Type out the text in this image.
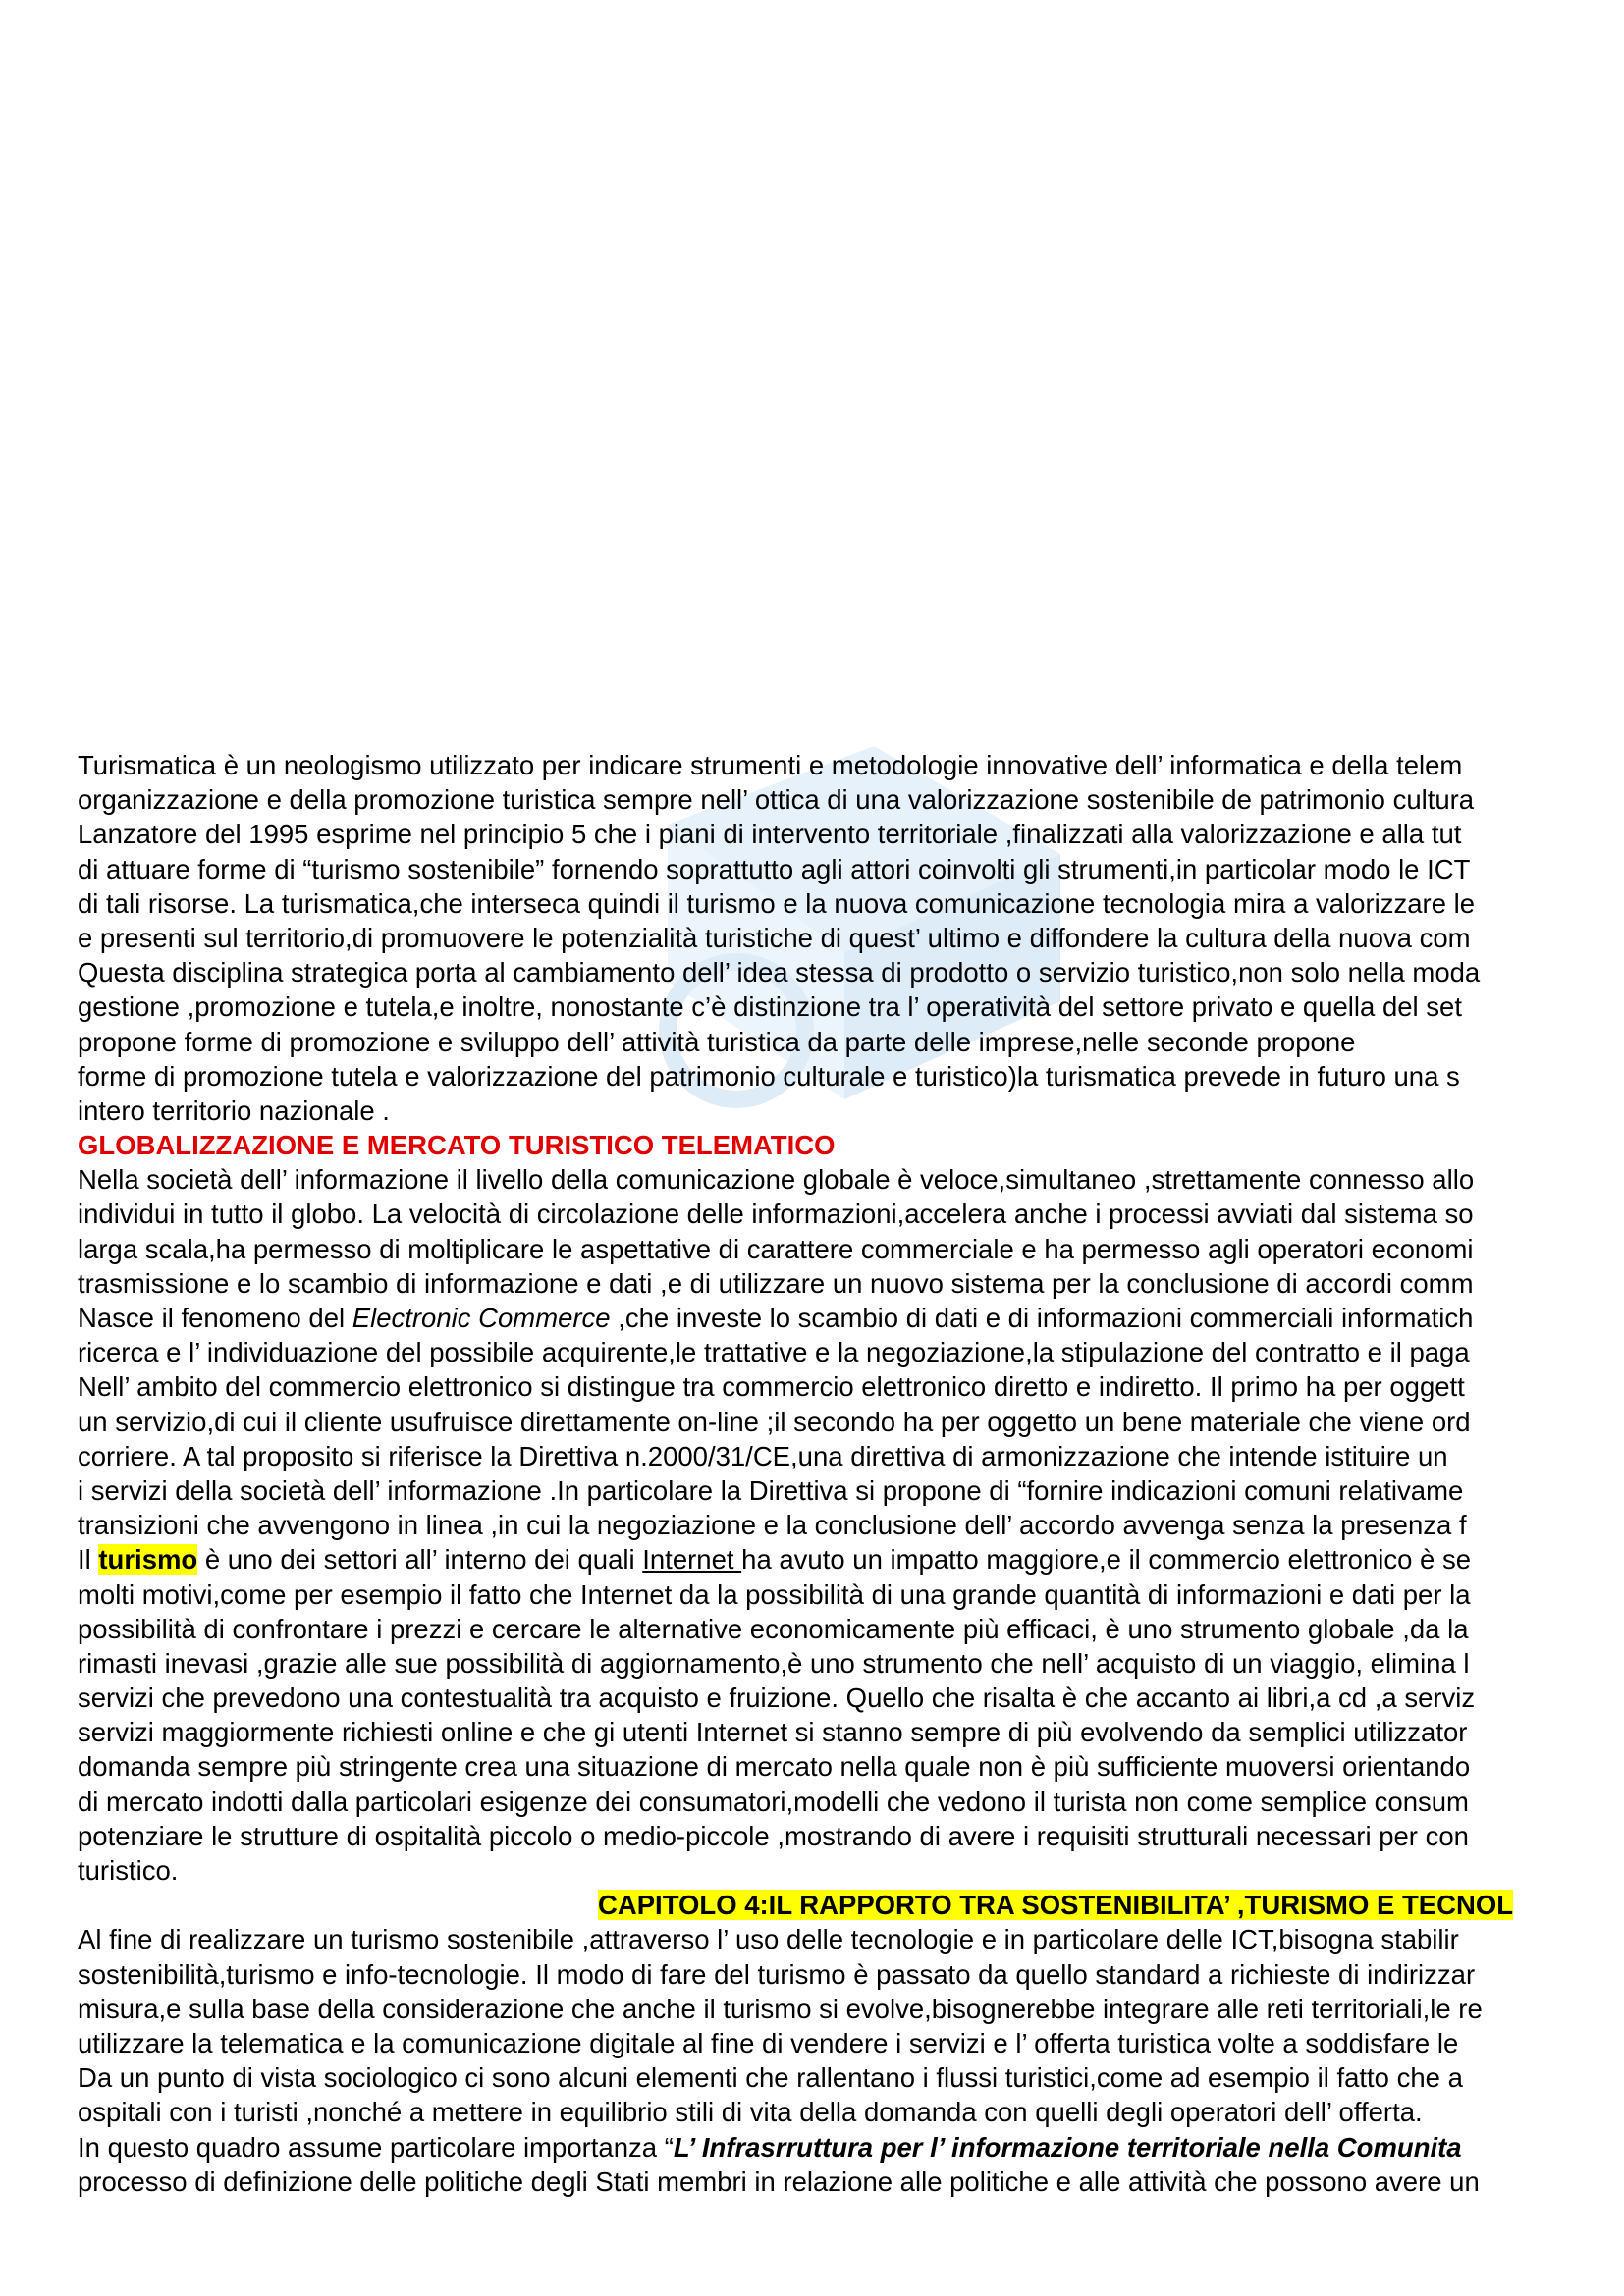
Turismatica è un neologismo utilizzato per indicare strumenti e metodologie innovative dell’ informatica e della telem
organizzazione e della promozione turistica sempre nell’ ottica di una valorizzazione sostenibile de patrimonio cultura
Lanzatore del 1995 esprime nel principio 5 che i piani di intervento territoriale ,finalizzati alla valorizzazione e alla tut
di attuare forme di “turismo sostenibile” fornendo soprattutto agli attori coinvolti gli strumenti,in particolar modo le ICT
di tali risorse. La turismatica,che interseca quindi il turismo e la nuova comunicazione tecnologia mira a valorizzare le
e presenti sul territorio,di promuovere le potenzialità turistiche di quest’ ultimo e diffondere la cultura della nuova com
Questa disciplina strategica porta al cambiamento dell’ idea stessa di prodotto o servizio turistico,non solo nella moda
gestione ,promozione e tutela,e inoltre, nonostante c’è distinzione tra l’ operatività del settore privato e quella del set
propone forme di promozione e sviluppo dell’ attività turistica da parte delle imprese,nelle seconde propone
forme di promozione tutela e valorizzazione del patrimonio culturale e turistico)la turismatica prevede in futuro una s
intero territorio nazionale .
GLOBALIZZAZIONE E MERCATO TURISTICO TELEMATICO
Nella società dell’ informazione il livello della comunicazione globale è veloce,simultaneo ,strettamente connesso allo
individui in tutto il globo. La velocità di circolazione delle informazioni,accelera anche i processi avviati dal sistema so
larga scala,ha permesso di moltiplicare le aspettative di carattere commerciale e ha permesso agli operatori economi
trasmissione e lo scambio di informazione e dati ,e di utilizzare un nuovo sistema per la conclusione di accordi comm
Nasce il fenomeno del Electronic Commerce ,che investe lo scambio di dati e di informazioni commerciali informatich
ricerca e l’ individuazione del possibile acquirente,le trattative e la negoziazione,la stipulazione del contratto e il paga
Nell’ ambito del commercio elettronico si distingue tra commercio elettronico diretto e indiretto. Il primo ha per oggett
un servizio,di cui il cliente usufruisce direttamente on-line ;il secondo ha per oggetto un bene materiale che viene ord
corriere. A tal proposito si riferisce la Direttiva n.2000/31/CE,una direttiva di armonizzazione che intende istituire un
i servizi della società dell’ informazione .In particolare la Direttiva si propone di “fornire indicazioni comuni relativame
transizioni che avvengono in linea ,in cui la negoziazione e la conclusione dell’ accordo avvenga senza la presenza f
Il turismo è uno dei settori all’ interno dei quali Internet ha avuto un impatto maggiore,e il commercio elettronico è se
molti motivi,come per esempio il fatto che Internet da la possibilità di una grande quantità di informazioni e dati per la
possibilità di confrontare i prezzi e cercare le alternative economicamente più efficaci, è uno strumento globale ,da la
rimasti inevasi ,grazie alle sue possibilità di aggiornamento,è uno strumento che nell’ acquisto di un viaggio, elimina l
servizi che prevedono una contestualità tra acquisto e fruizione. Quello che risalta è che accanto ai libri,a cd ,a serviz
servizi maggiormente richiesti online e che gi utenti Internet si stanno sempre di più evolvendo da semplici utilizzator
domanda sempre più stringente crea una situazione di mercato nella quale non è più sufficiente muoversi orientando
di mercato indotti dalla particolari esigenze dei consumatori,modelli che vedono il turista non come semplice consum
potenziare le strutture di ospitalità piccolo o medio-piccole ,mostrando di avere i requisiti strutturali necessari per con
turistico.
CAPITOLO 4:IL RAPPORTO TRA SOSTENIBILITA’ ,TURISMO E TECNOL
Al fine di realizzare un turismo sostenibile ,attraverso l’ uso delle tecnologie e in particolare delle ICT,bisogna stabilir
sostenibilità,turismo e info-tecnologie. Il modo di fare del turismo è passato da quello standard a richieste di indirizzar
misura,e sulla base della considerazione che anche il turismo si evolve,bisognerebbe integrare alle reti territoriali,le re
utilizzare la telematica e la comunicazione digitale al fine di vendere i servizi e l’ offerta turistica volte a soddisfare le
Da un punto di vista sociologico ci sono alcuni elementi che rallentano i flussi turistici,come ad esempio il fatto che a
ospitali con i turisti ,nonché a mettere in equilibrio stili di vita della domanda con quelli degli operatori dell’ offerta.
In questo quadro assume particolare importanza “L’ Infrasrruttura per l’ informazione territoriale nella Comunita
processo di definizione delle politiche degli Stati membri in relazione alle politiche e alle attività che possono avere un
